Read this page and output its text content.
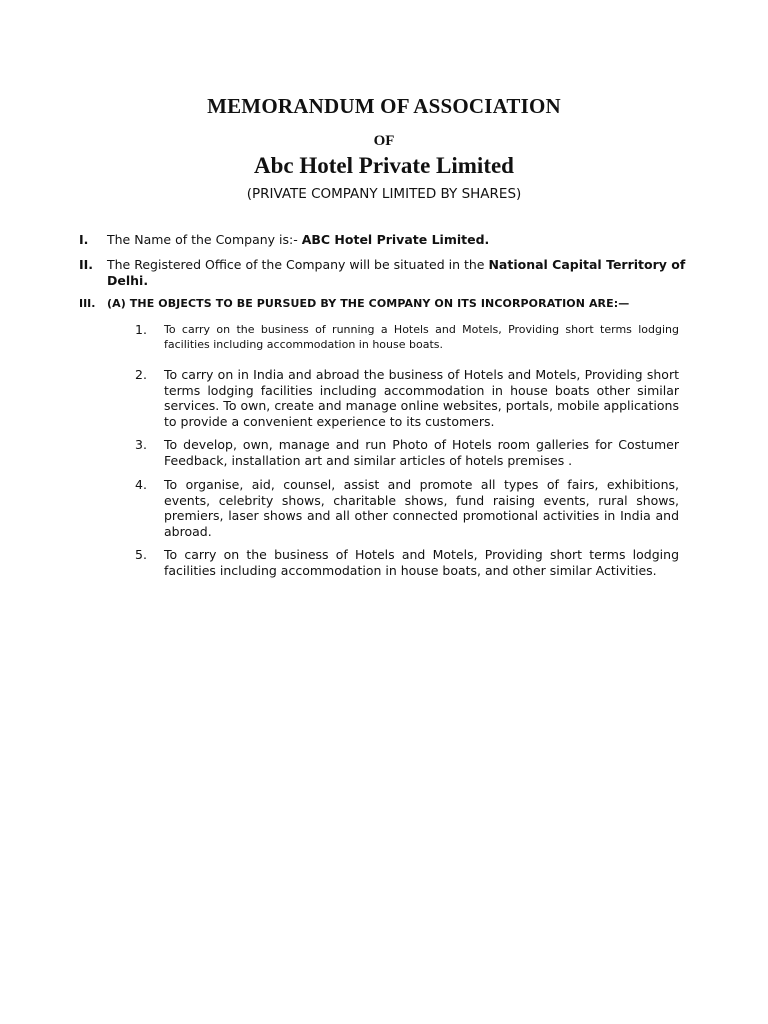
MEMORANDUM OF ASSOCIATION
OF
Abc Hotel Private Limited
(PRIVATE COMPANY LIMITED BY SHARES)
I. The Name of the Company is:- ABC Hotel Private Limited.
II. The Registered Office of the Company will be situated in the National Capital Territory of Delhi.
III. (A) THE OBJECTS TO BE PURSUED BY THE COMPANY ON ITS INCORPORATION ARE:—
1. To carry on the business of running a Hotels and Motels, Providing short terms lodging facilities including accommodation in house boats.
2. To carry on in India and abroad the business of Hotels and Motels, Providing short terms lodging facilities including accommodation in house boats other similar services. To own, create and manage online websites, portals, mobile applications to provide a convenient experience to its customers.
3. To develop, own, manage and run Photo of Hotels room galleries for Costumer Feedback, installation art and similar articles of hotels premises .
4. To organise, aid, counsel, assist and promote all types of fairs, exhibitions, events, celebrity shows, charitable shows, fund raising events, rural shows, premiers, laser shows and all other connected promotional activities in India and abroad.
5. To carry on the business of Hotels and Motels, Providing short terms lodging facilities including accommodation in house boats, and other similar Activities.
